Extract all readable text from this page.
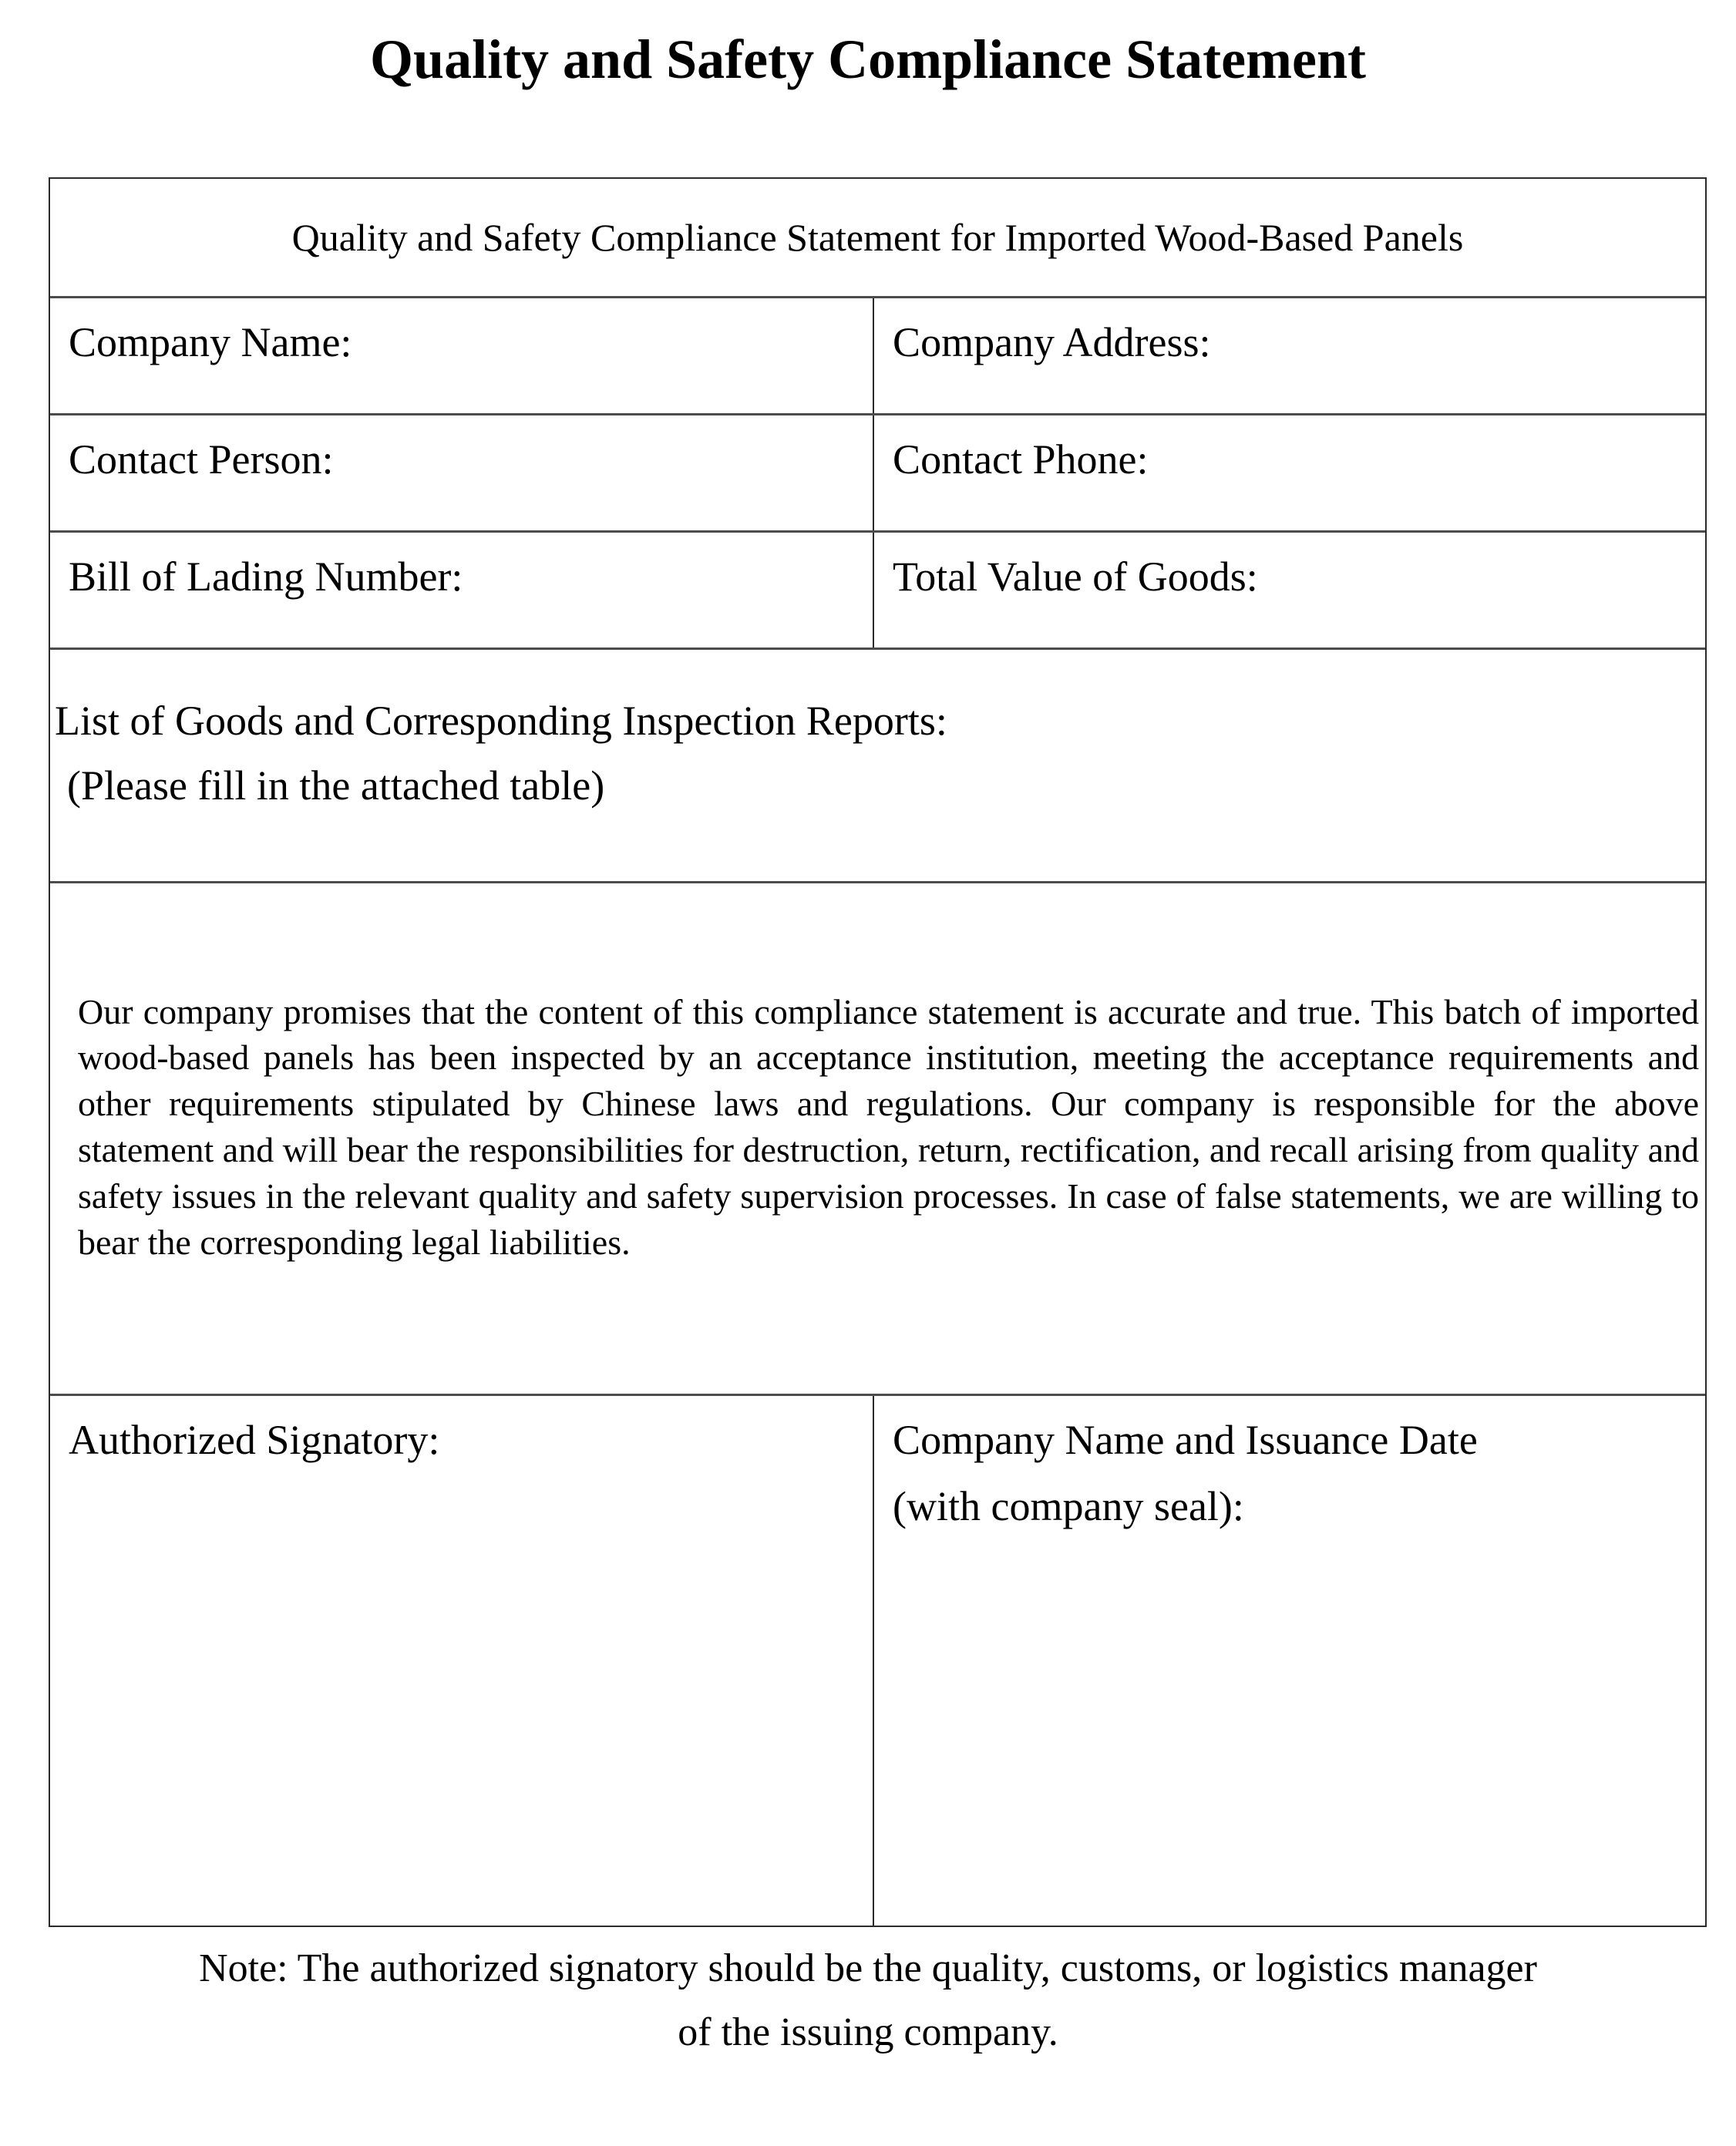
Quality and Safety Compliance Statement
Quality and Safety Compliance Statement for Imported Wood-Based Panels
Company Name:	Company Address:
Contact Person:	Contact Phone:
Bill of Lading Number:	Total Value of Goods:
List of Goods and Corresponding Inspection Reports:
(Please fill in the attached table)

Our company promises that the content of this compliance statement is accurate and true. This batch of imported wood-based panels has been inspected by an acceptance institution, meeting the acceptance requirements and other requirements stipulated by Chinese laws and regulations. Our company is responsible for the above statement and will bear the responsibilities for destruction, return, rectification, and recall arising from quality and safety issues in the relevant quality and safety supervision processes. In case of false statements, we are willing to bear the corresponding legal liabilities.

Authorized Signatory:	Company Name and Issuance Date
(with company seal):
Note: The authorized signatory should be the quality, customs, or logistics manager of the issuing company.
